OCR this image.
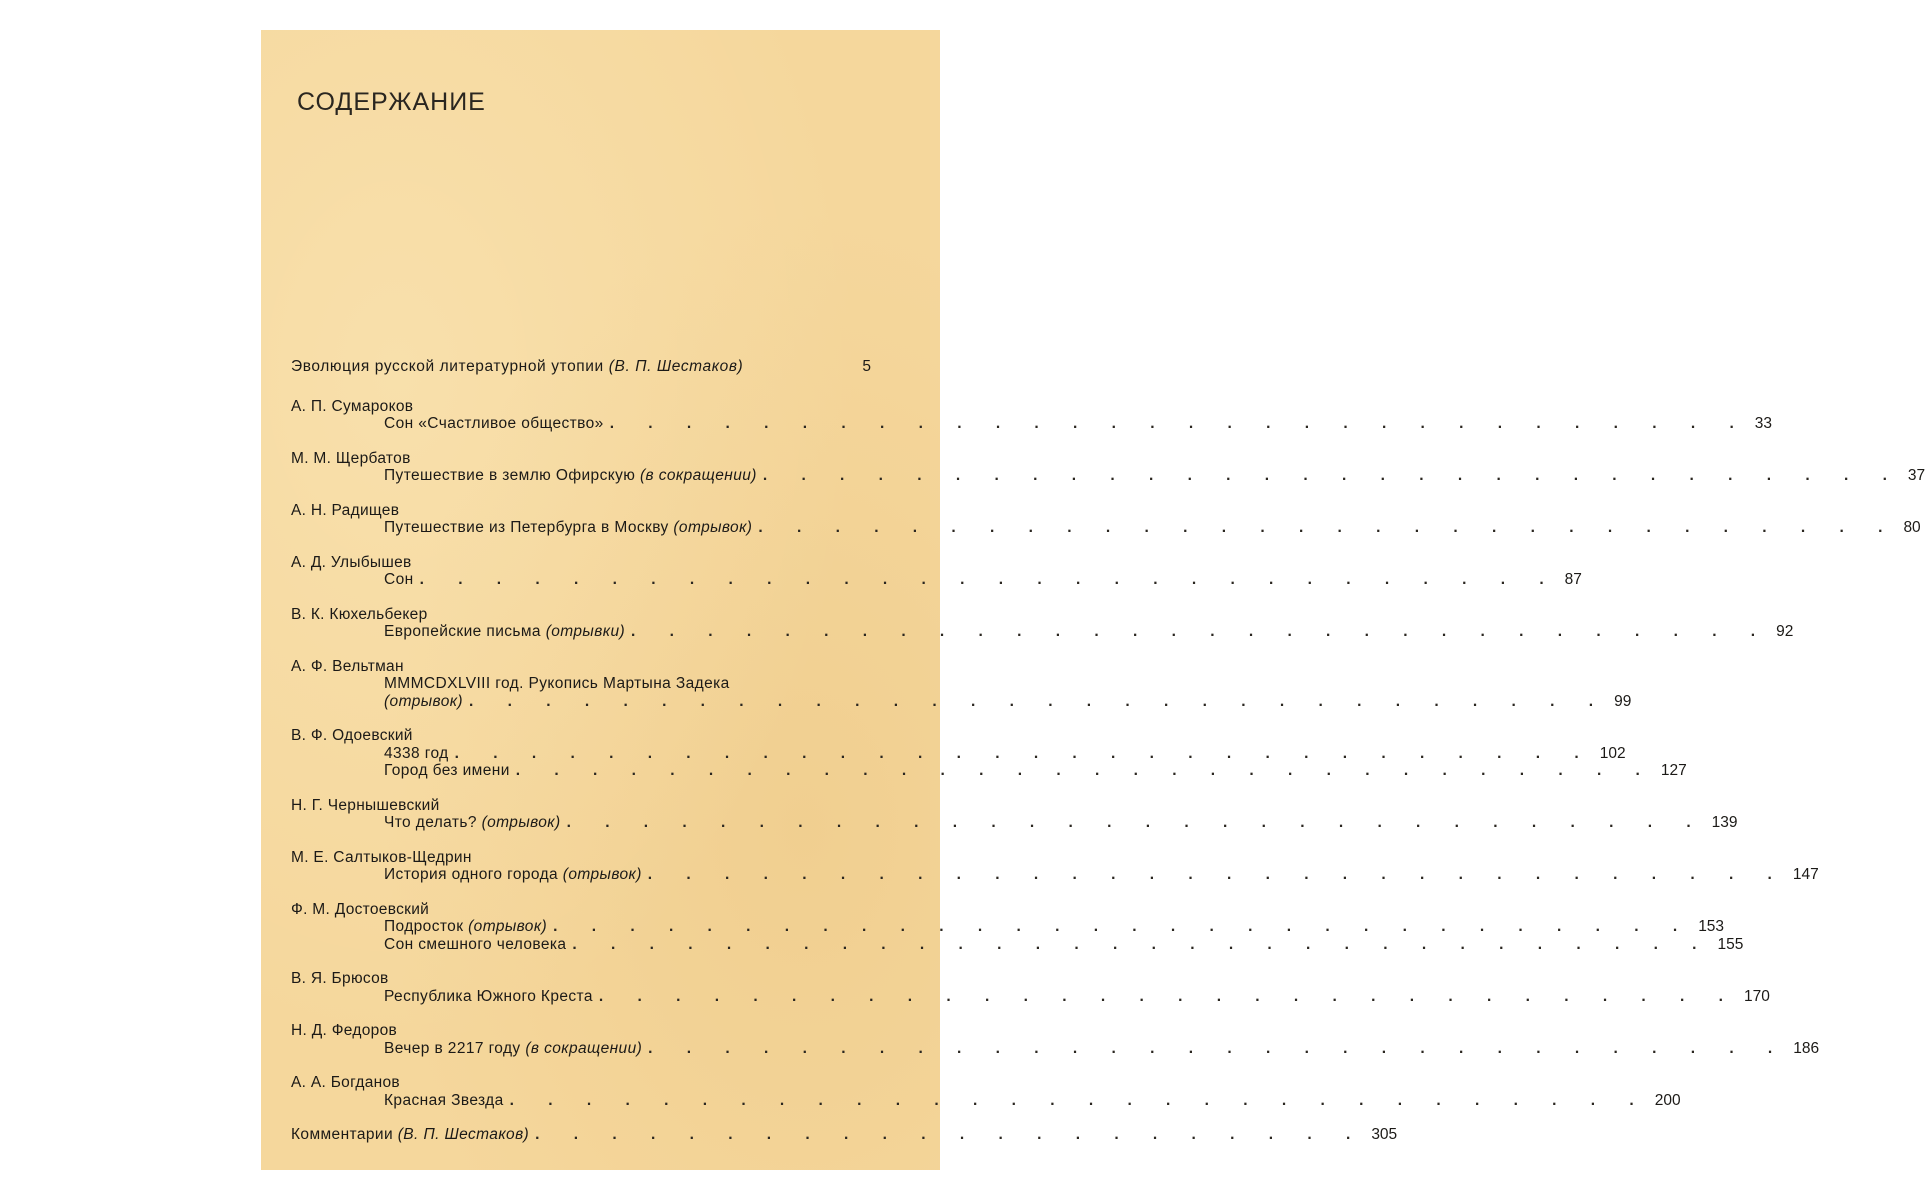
СОДЕРЖАНИЕ
Эволюция русской литературной утопии (В. П. Шестаков)	5
А. П. Сумароков
Сон «Счастливое общество» . . . . . . . . . . . . . . . . . . . . . . . . . . . . . . 33
М. М. Щербатов
Путешествие в землю Офирскую (в сокращении) . . . . . . . . . . . . . . . . . . . . . . . . . . . . . . 37
А. Н. Радищев
Путешествие из Петербурга в Москву (отрывок) . . . . . . . . . . . . . . . . . . . . . . . . . . . . . . 80
А. Д. Улыбышев
Сон . . . . . . . . . . . . . . . . . . . . . . . . . . . . . . 87
В. К. Кюхельбекер
Европейские письма (отрывки) . . . . . . . . . . . . . . . . . . . . . . . . . . . . . . 92
А. Ф. Вельтман
MMMCDXLVIII год. Рукопись Мартына Задека
(отрывок) . . . . . . . . . . . . . . . . . . . . . . . . . . . . . . 99
В. Ф. Одоевский
4338 год . . . . . . . . . . . . . . . . . . . . . . . . . . . . . . 102
Город без имени . . . . . . . . . . . . . . . . . . . . . . . . . . . . . . 127
Н. Г. Чернышевский
Что делать? (отрывок) . . . . . . . . . . . . . . . . . . . . . . . . . . . . . . 139
М. Е. Салтыков-Щедрин
История одного города (отрывок) . . . . . . . . . . . . . . . . . . . . . . . . . . . . . . 147
Ф. М. Достоевский
Подросток (отрывок) . . . . . . . . . . . . . . . . . . . . . . . . . . . . . . 153
Сон смешного человека . . . . . . . . . . . . . . . . . . . . . . . . . . . . . . 155
В. Я. Брюсов
Республика Южного Креста . . . . . . . . . . . . . . . . . . . . . . . . . . . . . . 170
Н. Д. Федоров
Вечер в 2217 году (в сокращении) . . . . . . . . . . . . . . . . . . . . . . . . . . . . . . 186
А. А. Богданов
Красная Звезда . . . . . . . . . . . . . . . . . . . . . . . . . . . . . . 200
Комментарии (В. П. Шестаков) . . . . . . . . . . . . . . . . . . . . . . 305
